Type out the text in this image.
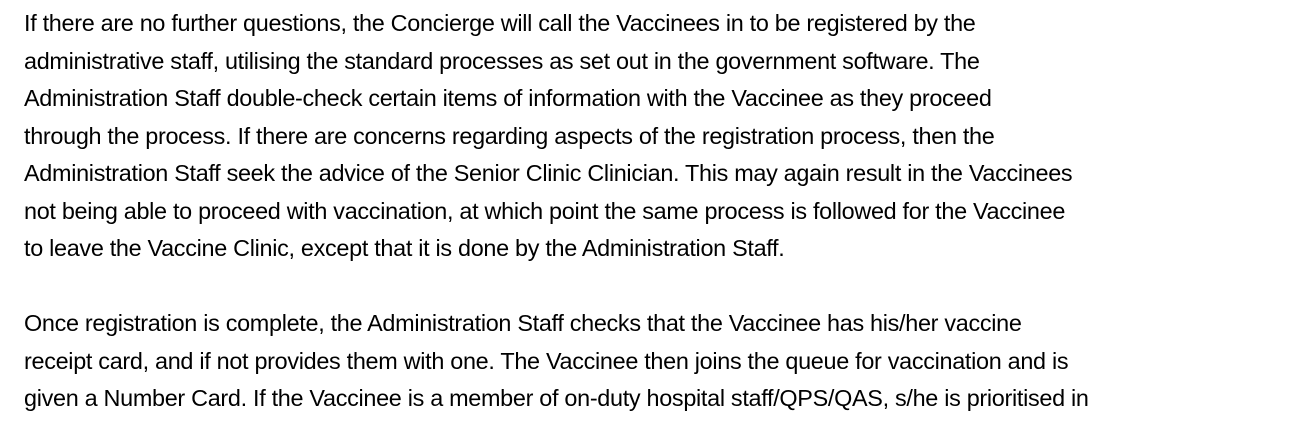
If there are no further questions, the Concierge will call the Vaccinees in to be registered by the
administrative staff, utilising the standard processes as set out in the government software. The
Administration Staff double-check certain items of information with the Vaccinee as they proceed
through the process. If there are concerns regarding aspects of the registration process, then the
Administration Staff seek the advice of the Senior Clinic Clinician. This may again result in the Vaccinees
not being able to proceed with vaccination, at which point the same process is followed for the Vaccinee
to leave the Vaccine Clinic, except that it is done by the Administration Staff.
Once registration is complete, the Administration Staff checks that the Vaccinee has his/her vaccine
receipt card, and if not provides them with one. The Vaccinee then joins the queue for vaccination and is
given a Number Card. If the Vaccinee is a member of on-duty hospital staff/QPS/QAS, s/he is prioritised in
